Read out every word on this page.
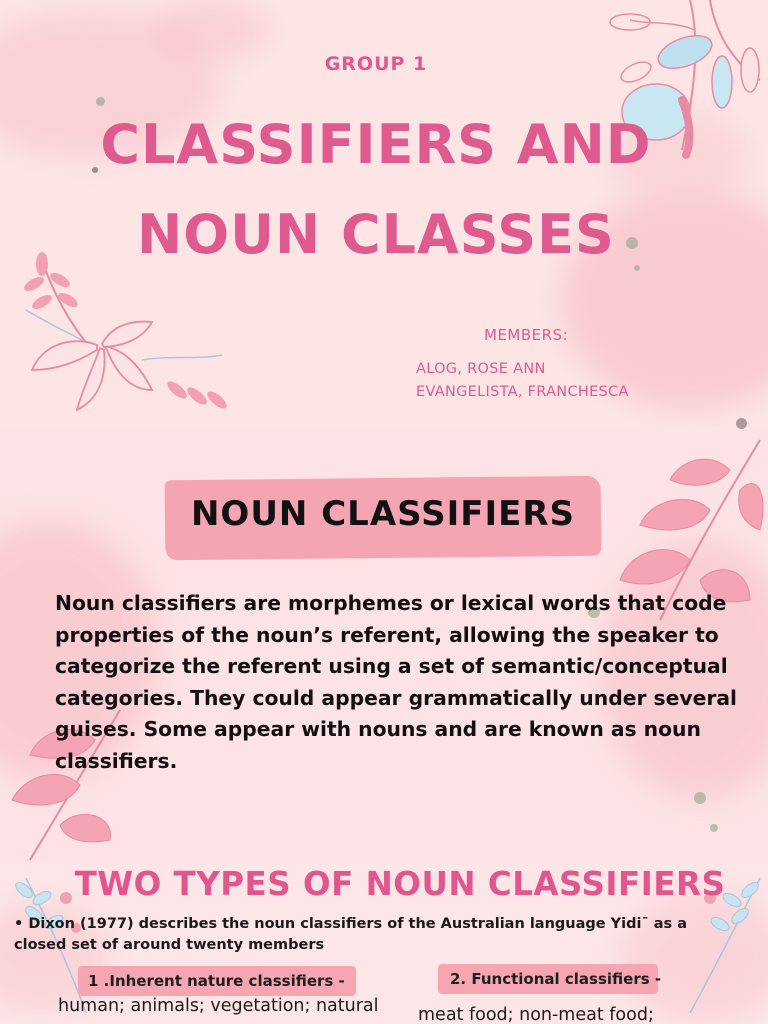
GROUP 1
CLASSIFIERS AND
NOUN CLASSES
MEMBERS:
ALOG, ROSE ANN
EVANGELISTA, FRANCHESCA
NOUN CLASSIFIERS
Noun classifiers are morphemes or lexical words that code properties of the noun’s referent, allowing the speaker to categorize the referent using a set of semantic/conceptual categories. They could appear grammatically under several guises. Some appear with nouns and are known as noun classifiers.
TWO TYPES OF NOUN CLASSIFIERS
• Dixon (1977) describes the noun classifiers of the Australian language Yidi¯ as a closed set of around twenty members
1 .Inherent nature classifiers -
human; animals; vegetation; natural
2. Functional classifiers -
meat food; non-meat food;
